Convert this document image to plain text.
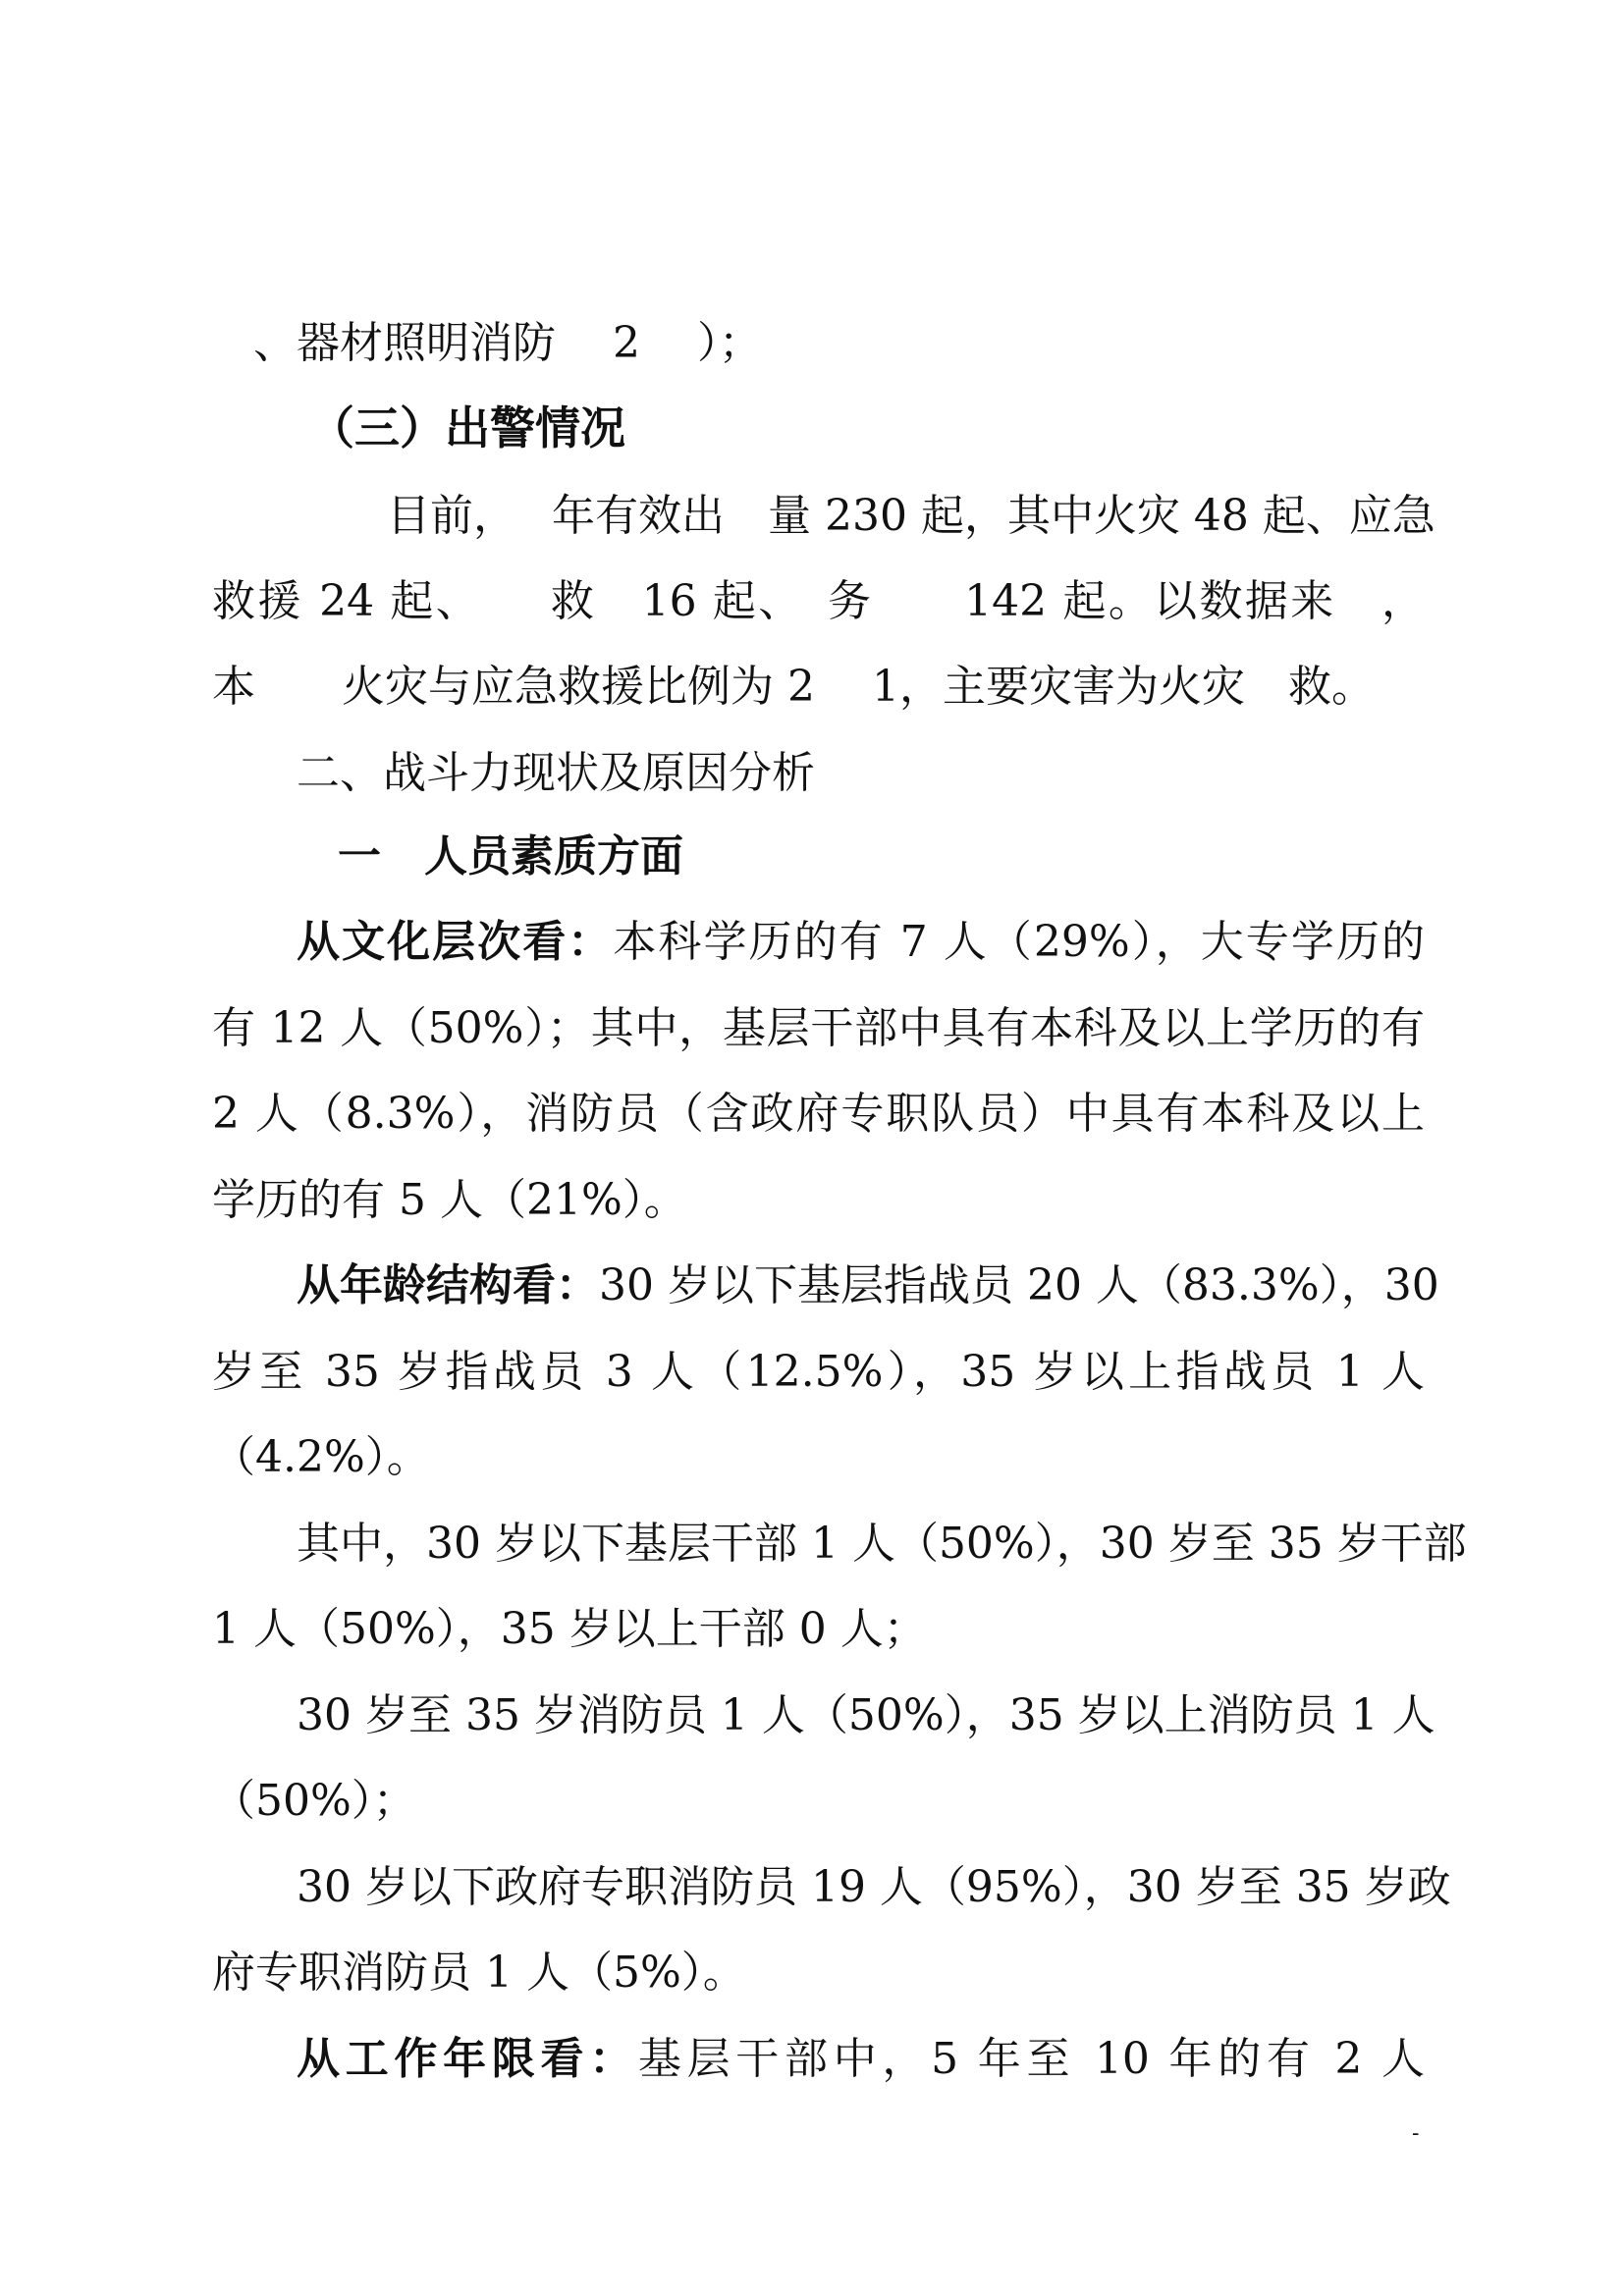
、器材照明消防　 2　 ）；

（三）出警情况

目前，　 年有效出　量 230 起，其中火灾 48 起、应急

救援 24 起、　　救　16 起、　务　　142 起。以数据来　，

本　　火灾与应急救援比例为 2　 1，主要灾害为火灾　救。

二、战斗力现状及原因分析

一　人员素质方面

从文化层次看：本科学历的有 7 人（29%），大专学历的

有 12 人（50%）；其中，基层干部中具有本科及以上学历的有

2 人（8.3%），消防员（含政府专职队员）中具有本科及以上

学历的有 5 人（21%）。

从年龄结构看：30 岁以下基层指战员 20 人（83.3%），30

岁至 35 岁指战员 3 人（12.5%），35 岁以上指战员 1 人

（4.2%）。

其中，30 岁以下基层干部 1 人（50%），30 岁至 35 岁干部

1 人（50%），35 岁以上干部 0 人；

30 岁至 35 岁消防员 1 人（50%），35 岁以上消防员 1 人

（50%）；

30 岁以下政府专职消防员 19 人（95%），30 岁至 35 岁政

府专职消防员 1 人（5%）。

从工作年限看：基层干部中，5 年至 10 年的有 2 人

-
